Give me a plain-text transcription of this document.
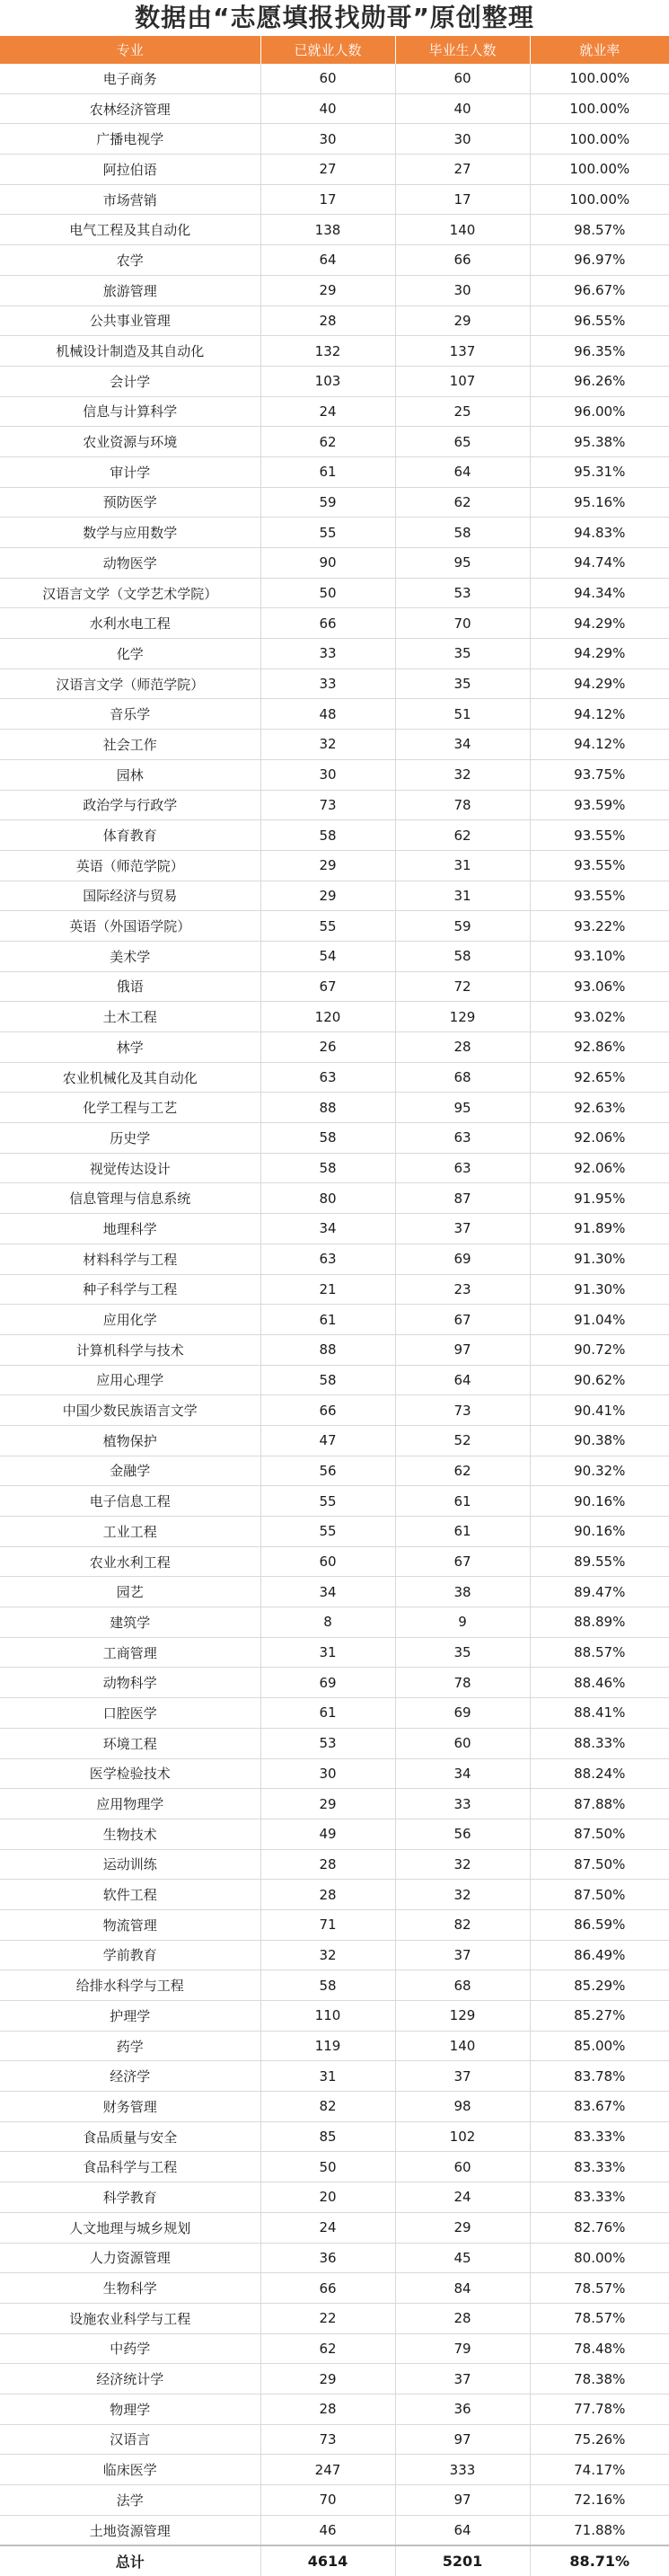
数据由“志愿填报找勋哥”原创整理
专业	已就业人数	毕业生人数	就业率
电子商务	60	60	100.00%
农林经济管理	40	40	100.00%
广播电视学	30	30	100.00%
阿拉伯语	27	27	100.00%
市场营销	17	17	100.00%
电气工程及其自动化	138	140	98.57%
农学	64	66	96.97%
旅游管理	29	30	96.67%
公共事业管理	28	29	96.55%
机械设计制造及其自动化	132	137	96.35%
会计学	103	107	96.26%
信息与计算科学	24	25	96.00%
农业资源与环境	62	65	95.38%
审计学	61	64	95.31%
预防医学	59	62	95.16%
数学与应用数学	55	58	94.83%
动物医学	90	95	94.74%
汉语言文学（文学艺术学院）	50	53	94.34%
水利水电工程	66	70	94.29%
化学	33	35	94.29%
汉语言文学（师范学院）	33	35	94.29%
音乐学	48	51	94.12%
社会工作	32	34	94.12%
园林	30	32	93.75%
政治学与行政学	73	78	93.59%
体育教育	58	62	93.55%
英语（师范学院）	29	31	93.55%
国际经济与贸易	29	31	93.55%
英语（外国语学院）	55	59	93.22%
美术学	54	58	93.10%
俄语	67	72	93.06%
土木工程	120	129	93.02%
林学	26	28	92.86%
农业机械化及其自动化	63	68	92.65%
化学工程与工艺	88	95	92.63%
历史学	58	63	92.06%
视觉传达设计	58	63	92.06%
信息管理与信息系统	80	87	91.95%
地理科学	34	37	91.89%
材料科学与工程	63	69	91.30%
种子科学与工程	21	23	91.30%
应用化学	61	67	91.04%
计算机科学与技术	88	97	90.72%
应用心理学	58	64	90.62%
中国少数民族语言文学	66	73	90.41%
植物保护	47	52	90.38%
金融学	56	62	90.32%
电子信息工程	55	61	90.16%
工业工程	55	61	90.16%
农业水利工程	60	67	89.55%
园艺	34	38	89.47%
建筑学	8	9	88.89%
工商管理	31	35	88.57%
动物科学	69	78	88.46%
口腔医学	61	69	88.41%
环境工程	53	60	88.33%
医学检验技术	30	34	88.24%
应用物理学	29	33	87.88%
生物技术	49	56	87.50%
运动训练	28	32	87.50%
软件工程	28	32	87.50%
物流管理	71	82	86.59%
学前教育	32	37	86.49%
给排水科学与工程	58	68	85.29%
护理学	110	129	85.27%
药学	119	140	85.00%
经济学	31	37	83.78%
财务管理	82	98	83.67%
食品质量与安全	85	102	83.33%
食品科学与工程	50	60	83.33%
科学教育	20	24	83.33%
人文地理与城乡规划	24	29	82.76%
人力资源管理	36	45	80.00%
生物科学	66	84	78.57%
设施农业科学与工程	22	28	78.57%
中药学	62	79	78.48%
经济统计学	29	37	78.38%
物理学	28	36	77.78%
汉语言	73	97	75.26%
临床医学	247	333	74.17%
法学	70	97	72.16%
土地资源管理	46	64	71.88%
总计	4614	5201	88.71%
